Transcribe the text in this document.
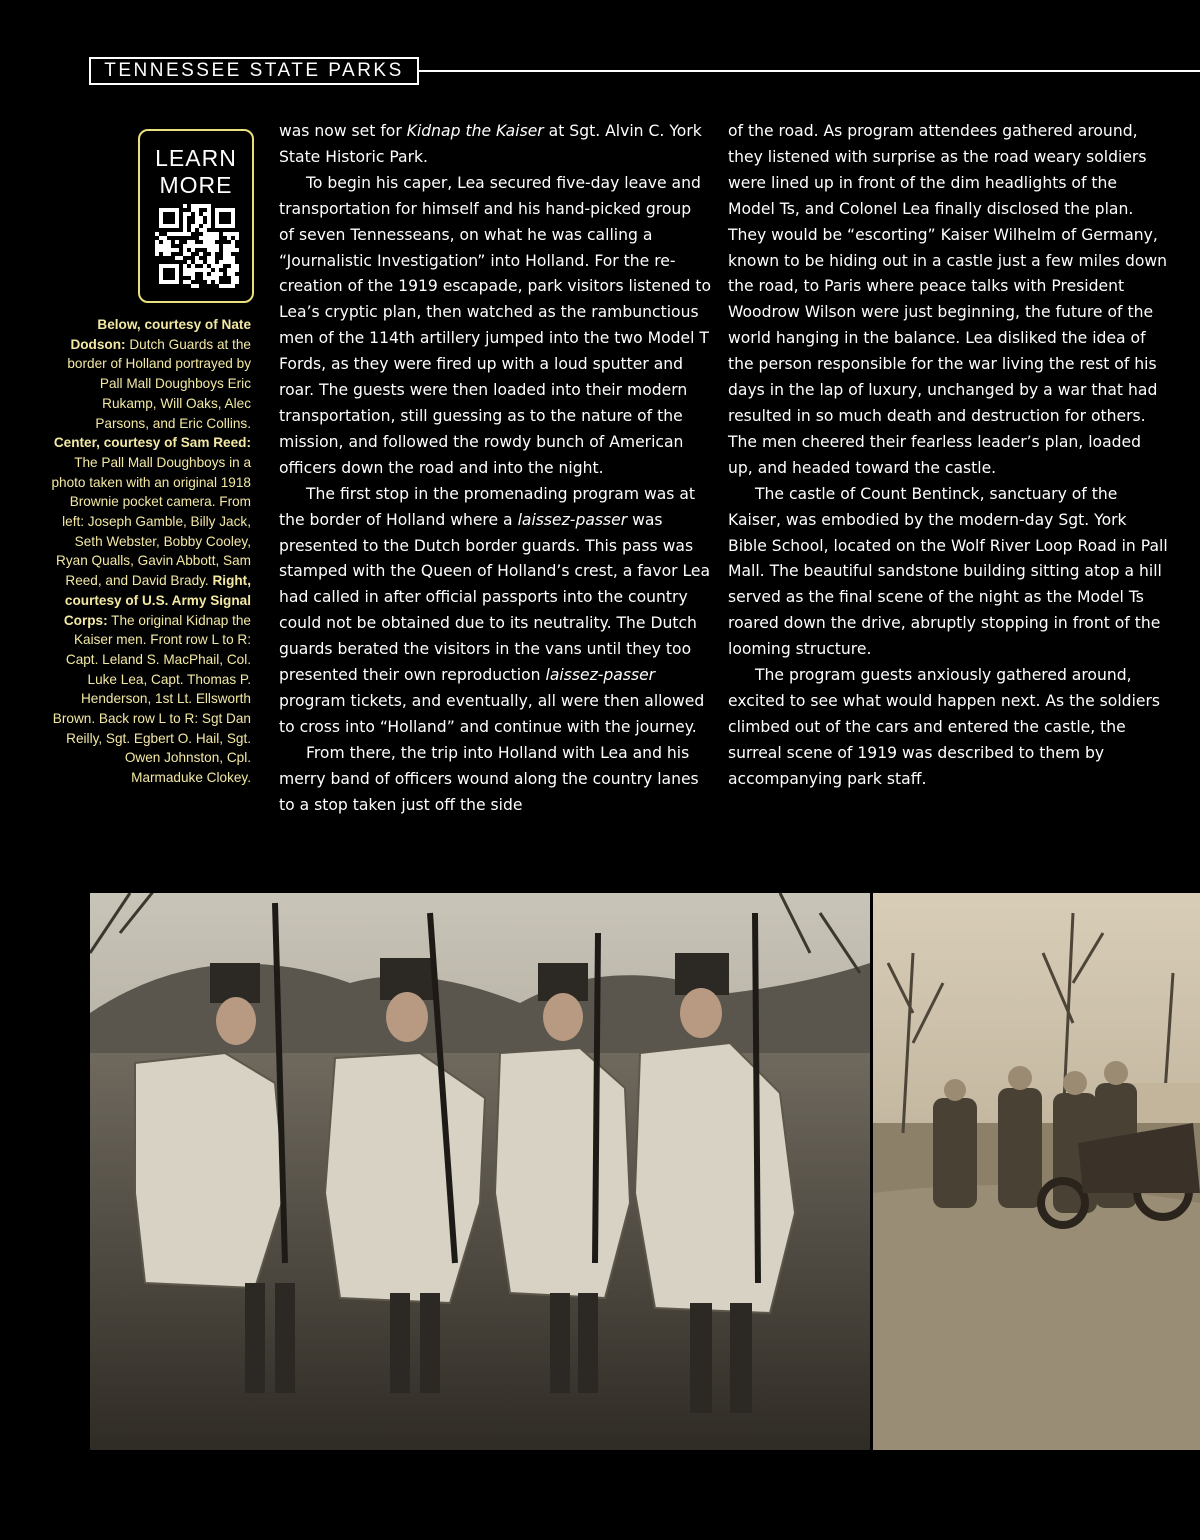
TENNESSEE STATE PARKS
LEARN
MORE
Below, courtesy of Nate Dodson: Dutch Guards at the border of Holland portrayed by Pall Mall Doughboys Eric Rukamp, Will Oaks, Alec Parsons, and Eric Collins. Center, courtesy of Sam Reed: The Pall Mall Doughboys in a photo taken with an original 1918 Brownie pocket camera. From left: Joseph Gamble, Billy Jack, Seth Webster, Bobby Cooley, Ryan Qualls, Gavin Abbott, Sam Reed, and David Brady. Right, courtesy of U.S. Army Signal Corps: The original Kidnap the Kaiser men. Front row L to R: Capt. Leland S. MacPhail, Col. Luke Lea, Capt. Thomas P. Henderson, 1st Lt. Ellsworth Brown. Back row L to R: Sgt Dan Reilly, Sgt. Egbert O. Hail, Sgt. Owen Johnston, Cpl. Marmaduke Clokey.

was now set for Kidnap the Kaiser at Sgt. Alvin C. York State Historic Park.

To begin his caper, Lea secured five-day leave and transportation for himself and his hand-picked group of seven Tennesseans, on what he was calling a “Journalistic Investigation” into Holland. For the re-creation of the 1919 escapade, park visitors listened to Lea’s cryptic plan, then watched as the rambunctious men of the 114th artillery jumped into the two Model T Fords, as they were fired up with a loud sputter and roar. The guests were then loaded into their modern transportation, still guessing as to the nature of the mission, and followed the rowdy bunch of American officers down the road and into the night.

The first stop in the promenading program was at the border of Holland where a laissez-passer was presented to the Dutch border guards. This pass was stamped with the Queen of Holland’s crest, a favor Lea had called in after official passports into the country could not be obtained due to its neutrality. The Dutch guards berated the visitors in the vans until they too presented their own reproduction laissez-passer program tickets, and eventually, all were then allowed to cross into “Holland” and continue with the journey.

From there, the trip into Holland with Lea and his merry band of officers wound along the country lanes to a stop taken just off the side

of the road. As program attendees gathered around, they listened with surprise as the road weary soldiers were lined up in front of the dim headlights of the Model Ts, and Colonel Lea finally disclosed the plan. They would be “escorting” Kaiser Wilhelm of Germany, known to be hiding out in a castle just a few miles down the road, to Paris where peace talks with President Woodrow Wilson were just beginning, the future of the world hanging in the balance. Lea disliked the idea of the person responsible for the war living the rest of his days in the lap of luxury, unchanged by a war that had resulted in so much death and destruction for others. The men cheered their fearless leader’s plan, loaded up, and headed toward the castle.

The castle of Count Bentinck, sanctuary of the Kaiser, was embodied by the modern-day Sgt. York Bible School, located on the Wolf River Loop Road in Pall Mall. The beautiful sandstone building sitting atop a hill served as the final scene of the night as the Model Ts roared down the drive, abruptly stopping in front of the looming structure.

The program guests anxiously gathered around, excited to see what would happen next. As the soldiers climbed out of the cars and entered the castle, the surreal scene of 1919 was described to them by accompanying park staff.
